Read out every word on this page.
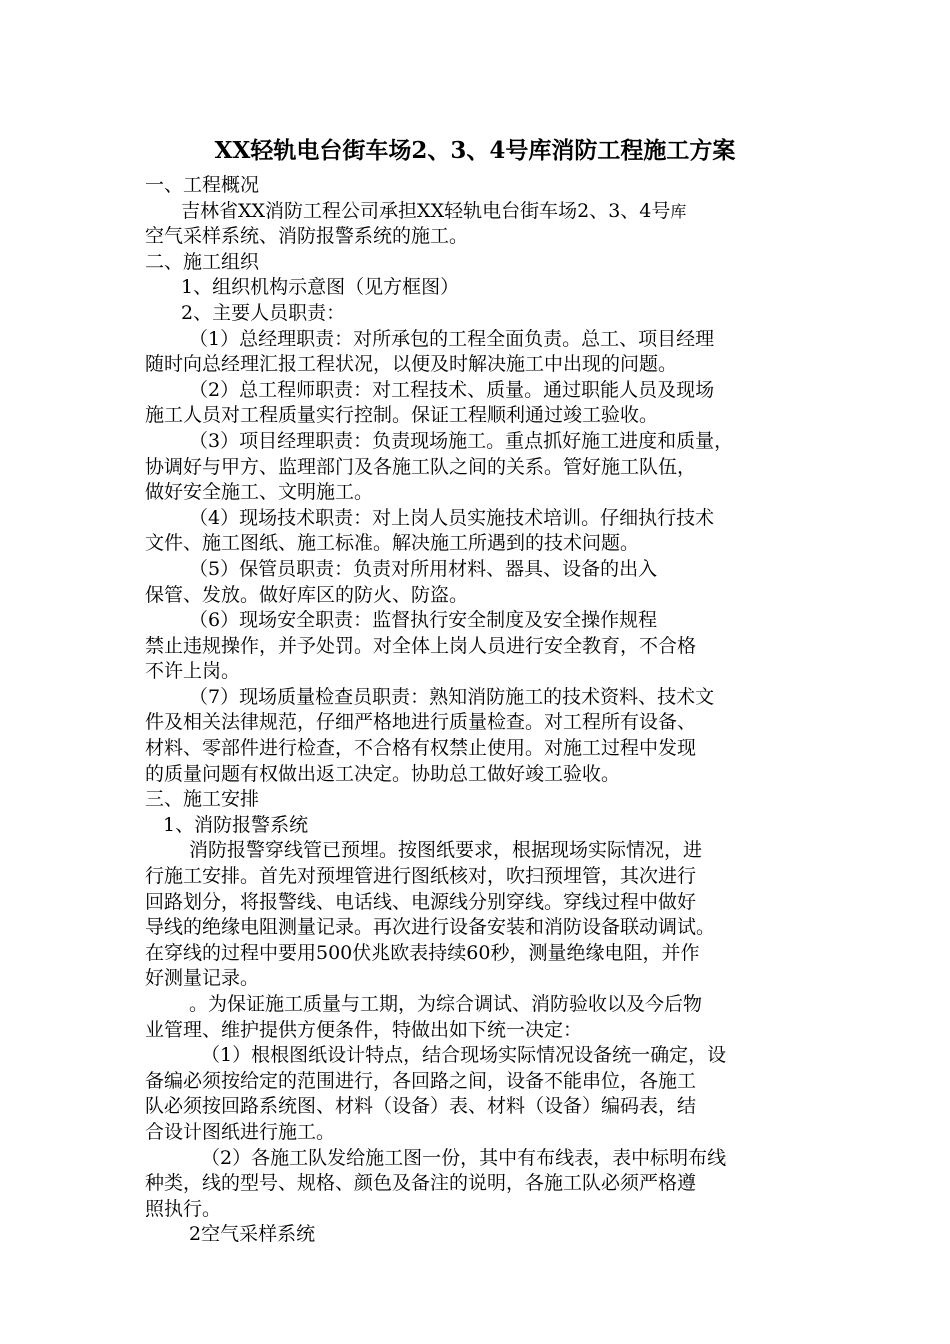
XX轻轨电台街车场2、3、4号库消防工程施工方案
一、工程概况
吉林省XX消防工程公司承担XX轻轨电台街车场2、3、4号库
空气采样系统、消防报警系统的施工。
二、施工组织
1、组织机构示意图（见方框图）
2、主要人员职责：
（1）总经理职责：对所承包的工程全面负责。总工、项目经理
随时向总经理汇报工程状况，以便及时解决施工中出现的问题。
（2）总工程师职责：对工程技术、质量。通过职能人员及现场
施工人员对工程质量实行控制。保证工程顺利通过竣工验收。
（3）项目经理职责：负责现场施工。重点抓好施工进度和质量，
协调好与甲方、监理部门及各施工队之间的关系。管好施工队伍，
做好安全施工、文明施工。
（4）现场技术职责：对上岗人员实施技术培训。仔细执行技术
文件、施工图纸、施工标准。解决施工所遇到的技术问题。
（5）保管员职责：负责对所用材料、器具、设备的出入
保管、发放。做好库区的防火、防盗。
（6）现场安全职责：监督执行安全制度及安全操作规程
禁止违规操作，并予处罚。对全体上岗人员进行安全教育，不合格
不许上岗。
（7）现场质量检查员职责：熟知消防施工的技术资料、技术文
件及相关法律规范，仔细严格地进行质量检查。对工程所有设备、
材料、零部件进行检查，不合格有权禁止使用。对施工过程中发现
的质量问题有权做出返工决定。协助总工做好竣工验收。
三、施工安排
1、消防报警系统
消防报警穿线管已预埋。按图纸要求，根据现场实际情况，进
行施工安排。首先对预埋管进行图纸核对，吹扫预埋管，其次进行
回路划分，将报警线、电话线、电源线分别穿线。穿线过程中做好
导线的绝缘电阻测量记录。再次进行设备安装和消防设备联动调试。
在穿线的过程中要用500伏兆欧表持续60秒，测量绝缘电阻，并作
好测量记录。
。为保证施工质量与工期，为综合调试、消防验收以及今后物
业管理、维护提供方便条件，特做出如下统一决定：
（1）根根图纸设计特点，结合现场实际情况设备统一确定，设
备编必须按给定的范围进行，各回路之间，设备不能串位，各施工
队必须按回路系统图、材料（设备）表、材料（设备）编码表，结
合设计图纸进行施工。
（2）各施工队发给施工图一份，其中有布线表，表中标明布线
种类，线的型号、规格、颜色及备注的说明，各施工队必须严格遵
照执行。
2空气采样系统
